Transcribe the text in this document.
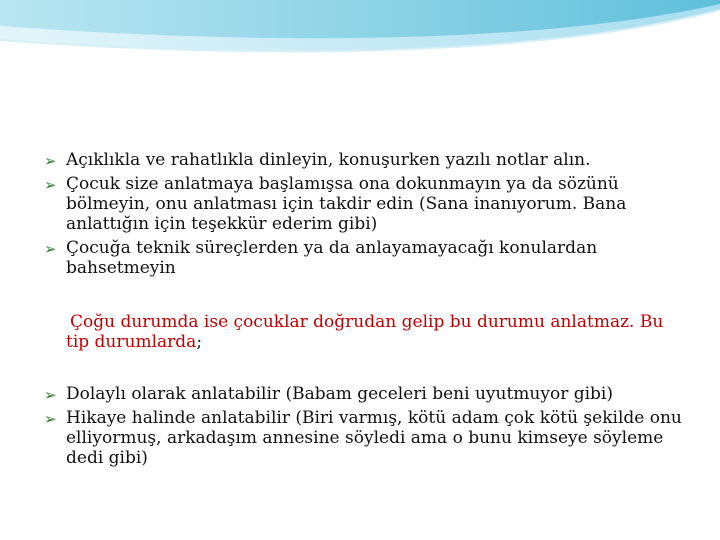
➢ Açıklıkla ve rahatlıkla dinleyin, konuşurken yazılı notlar alın.
➢ Çocuk size anlatmaya başlamışsa ona dokunmayın ya da sözünü bölmeyin, onu anlatması için takdir edin (Sana inanıyorum. Bana anlattığın için teşekkür ederim gibi)
➢ Çocuğa teknik süreçlerden ya da anlayamayacağı konulardan bahsetmeyin

Çoğu durumda ise çocuklar doğrudan gelip bu durumu anlatmaz. Bu tip durumlarda;

➢ Dolaylı olarak anlatabilir (Babam geceleri beni uyutmuyor gibi)
➢ Hikaye halinde anlatabilir (Biri varmış, kötü adam çok kötü şekilde onu elliyormuş, arkadaşım annesine söyledi ama o bunu kimseye söyleme dedi gibi)
